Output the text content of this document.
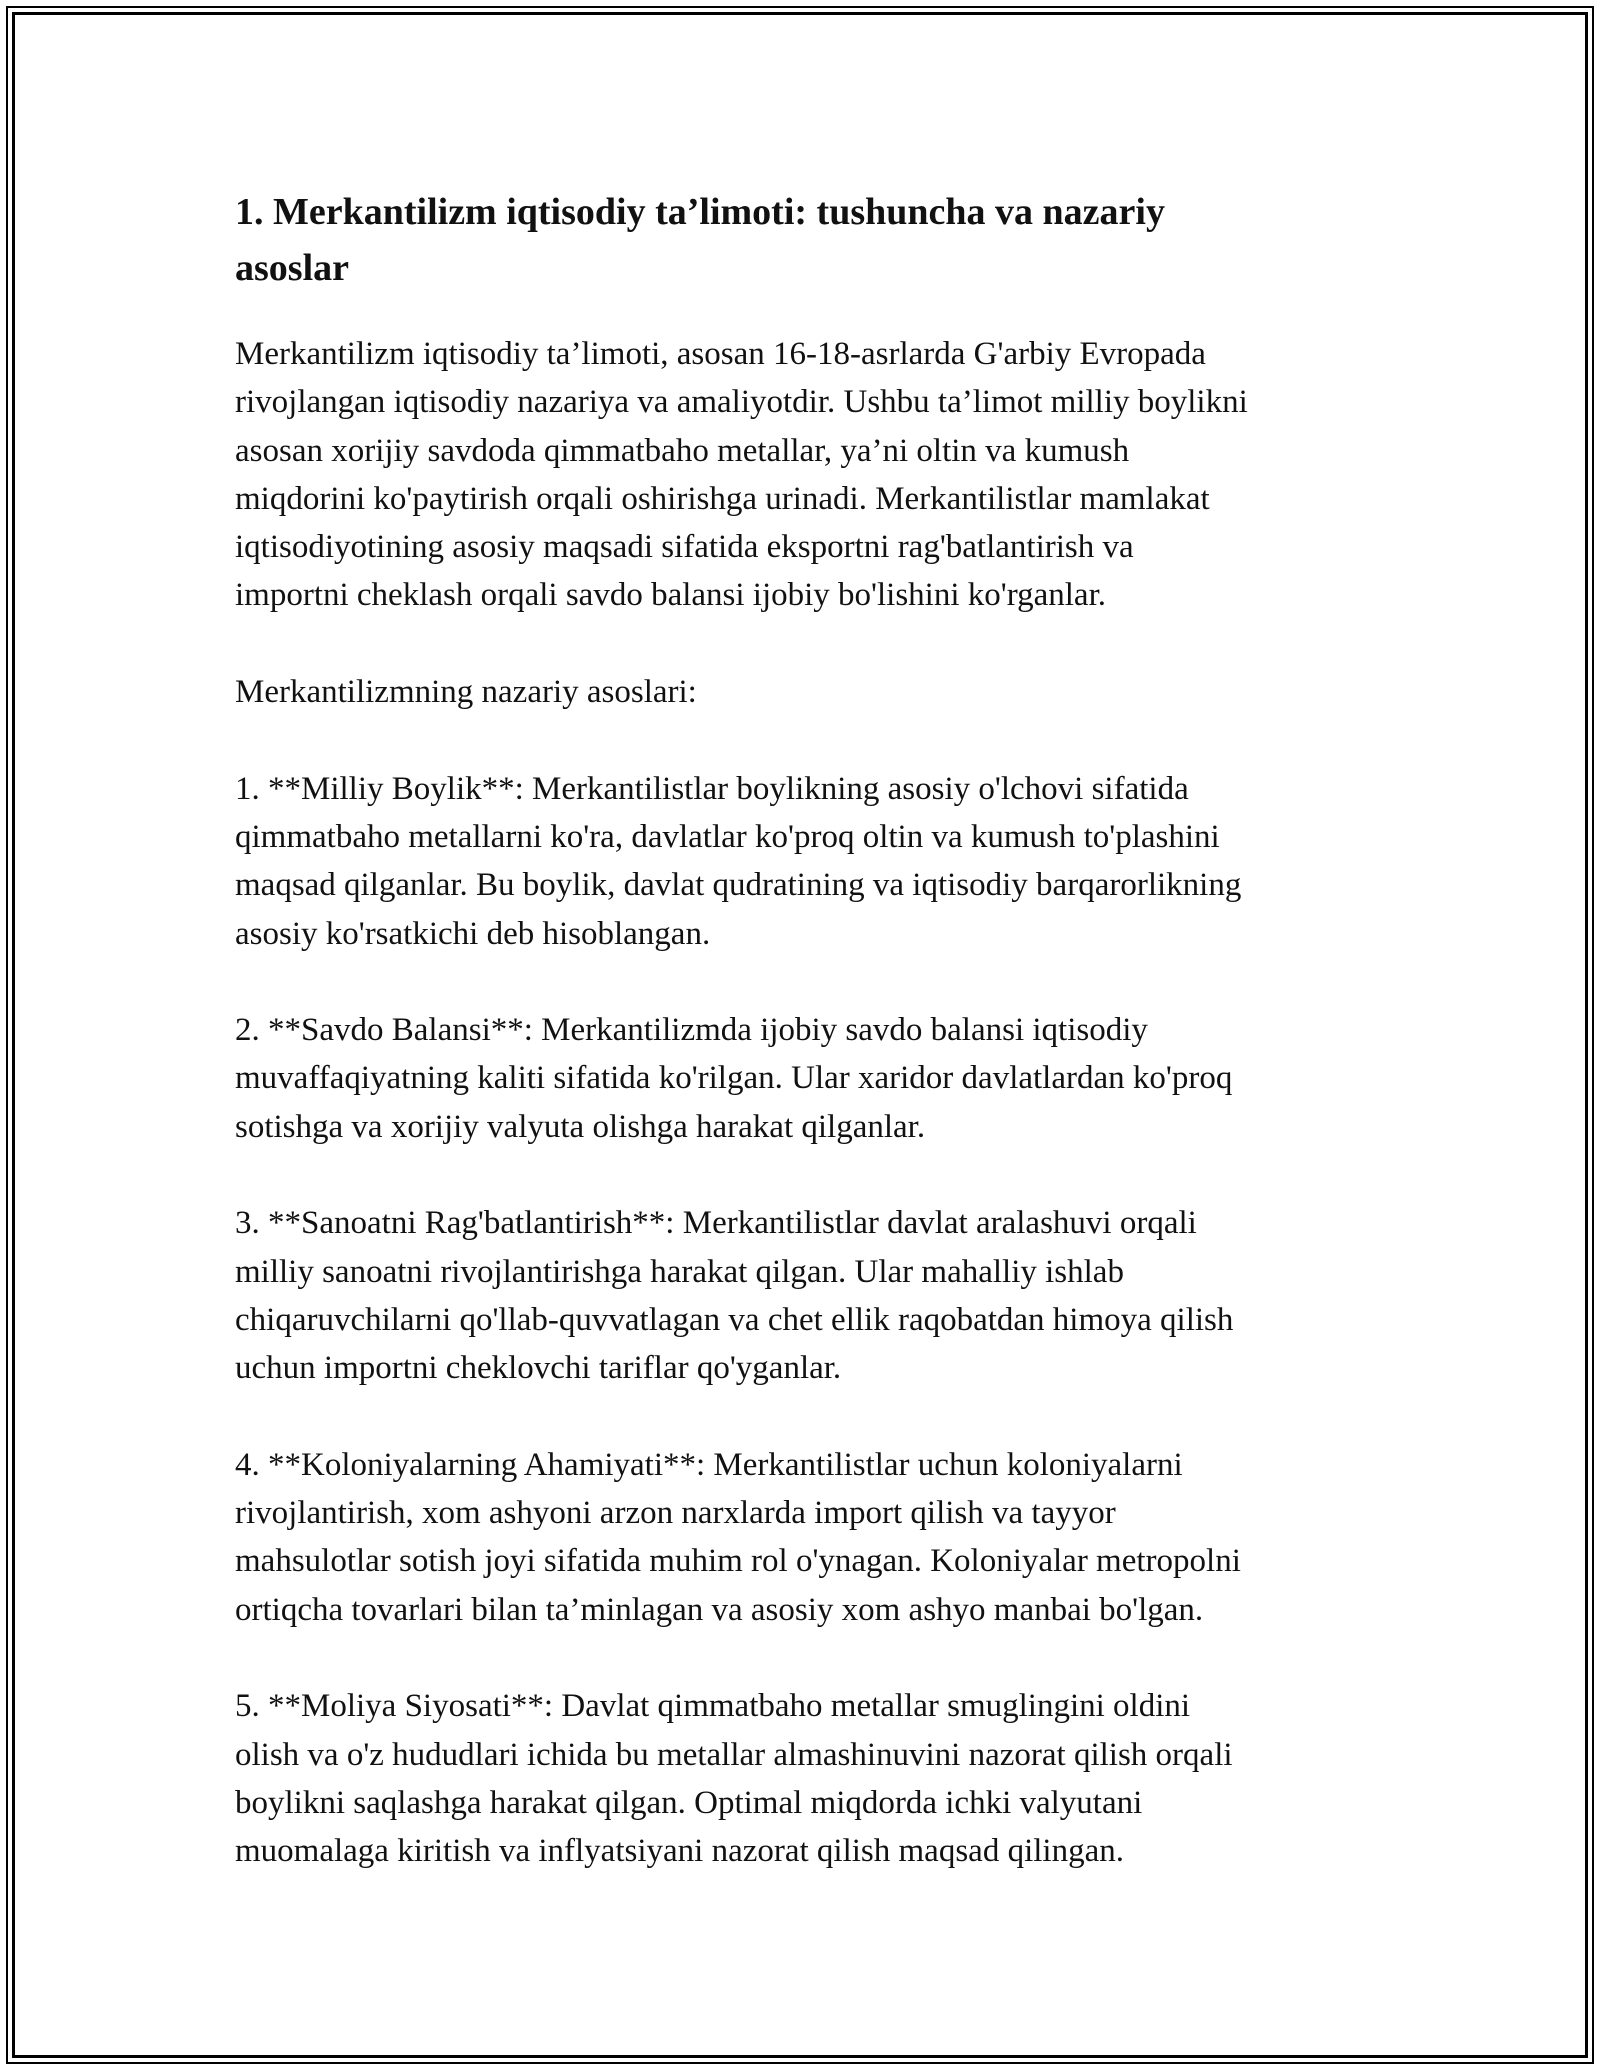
1. Merkantilizm iqtisodiy ta’limoti: tushuncha va nazariy
asoslar

Merkantilizm iqtisodiy ta’limoti, asosan 16-18-asrlarda G'arbiy Evropada
rivojlangan iqtisodiy nazariya va amaliyotdir. Ushbu ta’limot milliy boylikni
asosan xorijiy savdoda qimmatbaho metallar, ya’ni oltin va kumush
miqdorini ko'paytirish orqali oshirishga urinadi. Merkantilistlar mamlakat
iqtisodiyotining asosiy maqsadi sifatida eksportni rag'batlantirish va
importni cheklash orqali savdo balansi ijobiy bo'lishini ko'rganlar.

Merkantilizmning nazariy asoslari:

1. **Milliy Boylik**: Merkantilistlar boylikning asosiy o'lchovi sifatida
qimmatbaho metallarni ko'ra, davlatlar ko'proq oltin va kumush to'plashini
maqsad qilganlar. Bu boylik, davlat qudratining va iqtisodiy barqarorlikning
asosiy ko'rsatkichi deb hisoblangan.

2. **Savdo Balansi**: Merkantilizmda ijobiy savdo balansi iqtisodiy
muvaffaqiyatning kaliti sifatida ko'rilgan. Ular xaridor davlatlardan ko'proq
sotishga va xorijiy valyuta olishga harakat qilganlar.

3. **Sanoatni Rag'batlantirish**: Merkantilistlar davlat aralashuvi orqali
milliy sanoatni rivojlantirishga harakat qilgan. Ular mahalliy ishlab
chiqaruvchilarni qo'llab-quvvatlagan va chet ellik raqobatdan himoya qilish
uchun importni cheklovchi tariflar qo'yganlar.

4. **Koloniyalarning Ahamiyati**: Merkantilistlar uchun koloniyalarni
rivojlantirish, xom ashyoni arzon narxlarda import qilish va tayyor
mahsulotlar sotish joyi sifatida muhim rol o'ynagan. Koloniyalar metropolni
ortiqcha tovarlari bilan ta’minlagan va asosiy xom ashyo manbai bo'lgan.

5. **Moliya Siyosati**: Davlat qimmatbaho metallar smuglingini oldini
olish va o'z hududlari ichida bu metallar almashinuvini nazorat qilish orqali
boylikni saqlashga harakat qilgan. Optimal miqdorda ichki valyutani
muomalaga kiritish va inflyatsiyani nazorat qilish maqsad qilingan.
